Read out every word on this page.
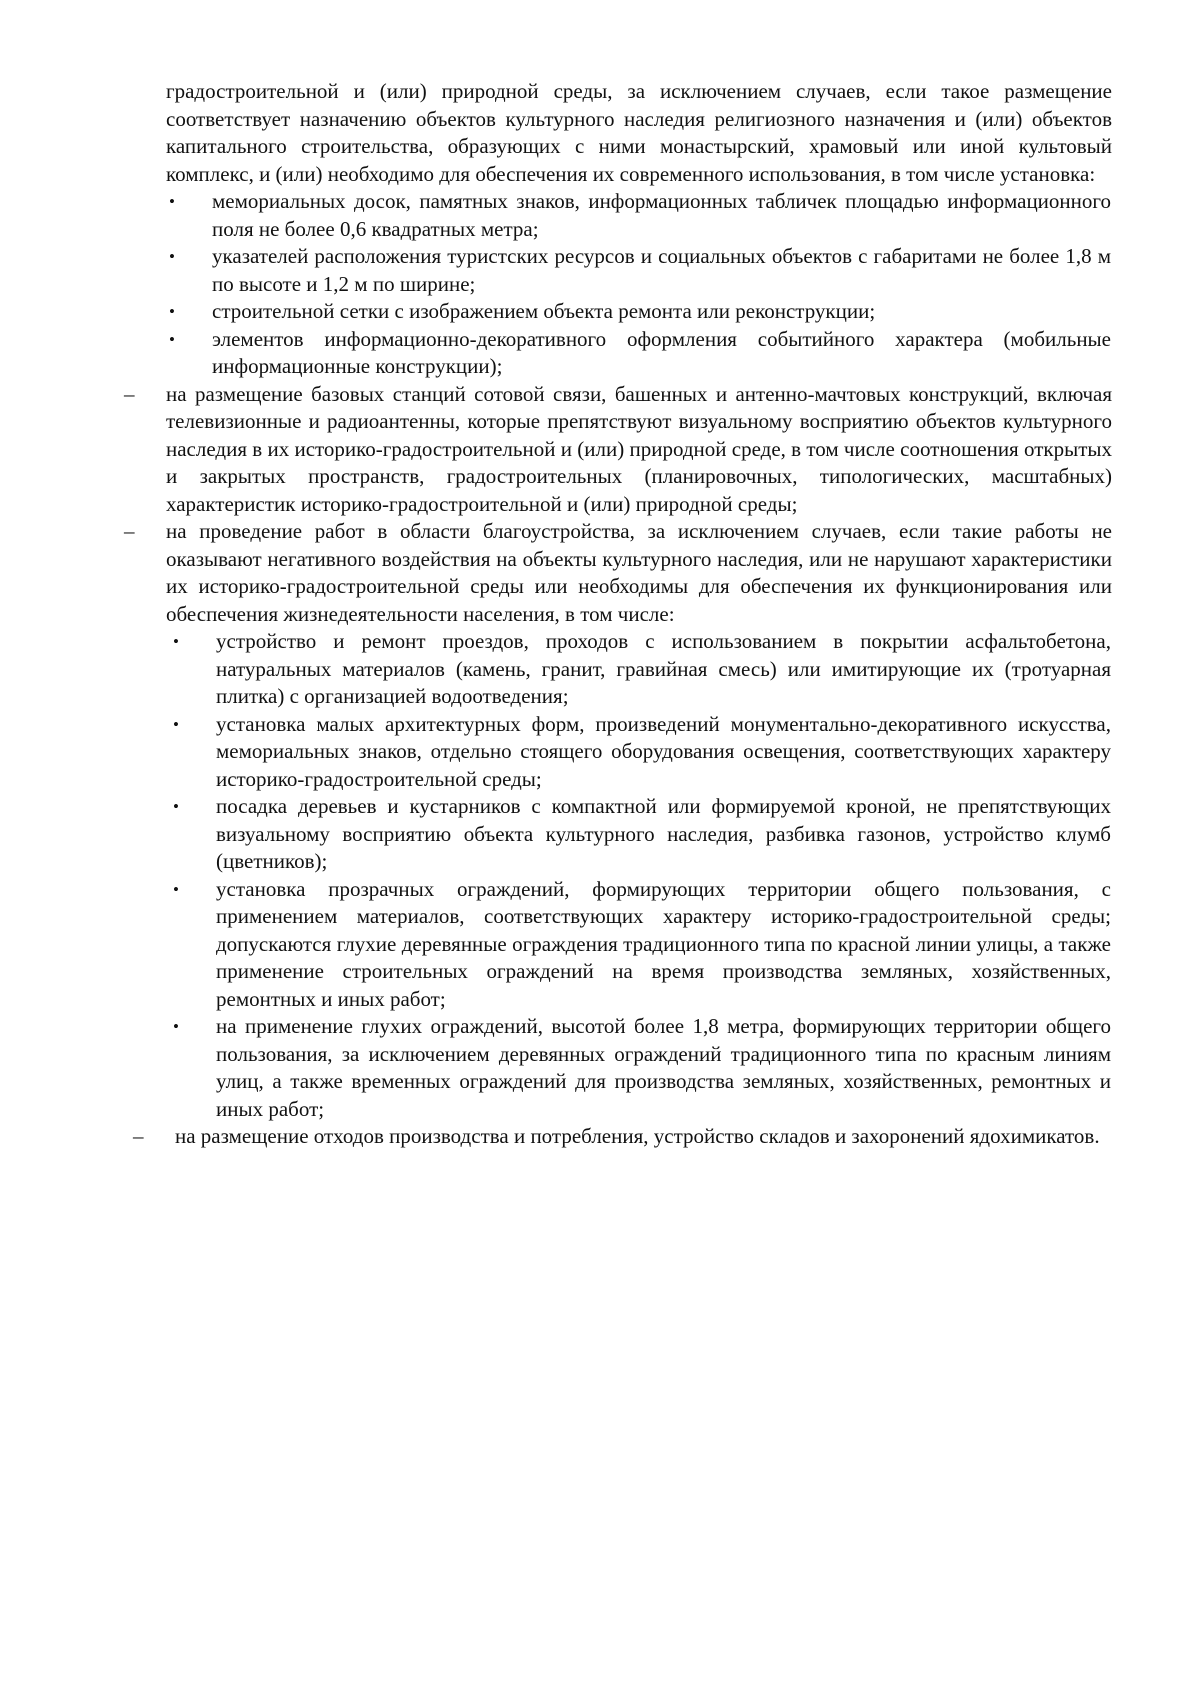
градостроительной и (или) природной среды, за исключением случаев, если такое размещение соответствует назначению объектов культурного наследия религиозного назначения и (или) объектов капитального строительства, образующих с ними монастырский, храмовый или иной культовый комплекс, и (или) необходимо для обеспечения их современного использования, в том числе установка:

•	мемориальных досок, памятных знаков, информационных табличек площадью информационного поля не более 0,6 квадратных метра;
•	указателей расположения туристских ресурсов и социальных объектов с габаритами не более 1,8 м по высоте и 1,2 м по ширине;
•	строительной сетки с изображением объекта ремонта или реконструкции;
•	элементов информационно-декоративного оформления событийного характера (мобильные информационные конструкции);
–	на размещение базовых станций сотовой связи, башенных и антенно-мачтовых конструкций, включая телевизионные и радиоантенны, которые препятствуют визуальному восприятию объектов культурного наследия в их историко-градостроительной и (или) природной среде, в том числе соотношения открытых и закрытых пространств, градостроительных (планировочных, типологических, масштабных) характеристик историко-градостроительной и (или) природной среды;
–	на проведение работ в области благоустройства, за исключением случаев, если такие работы не оказывают негативного воздействия на объекты культурного наследия, или не нарушают характеристики их историко-градостроительной среды или необходимы для обеспечения их функционирования или обеспечения жизнедеятельности населения, в том числе:
•	устройство и ремонт проездов, проходов с использованием в покрытии асфальтобетона, натуральных материалов (камень, гранит, гравийная смесь) или имитирующие их (тротуарная плитка) с организацией водоотведения;
•	установка малых архитектурных форм, произведений монументально-декоративного искусства, мемориальных знаков, отдельно стоящего оборудования освещения, соответствующих характеру историко-градостроительной среды;
•	посадка деревьев и кустарников с компактной или формируемой кроной, не препятствующих визуальному восприятию объекта культурного наследия, разбивка газонов, устройство клумб (цветников);
•	установка прозрачных ограждений, формирующих территории общего пользования, с применением материалов, соответствующих характеру историко-градостроительной среды; допускаются глухие деревянные ограждения традиционного типа по красной линии улицы, а также применение строительных ограждений на время производства земляных, хозяйственных, ремонтных и иных работ;
•	на применение глухих ограждений, высотой более 1,8 метра, формирующих территории общего пользования, за исключением деревянных ограждений традиционного типа по красным линиям улиц, а также временных ограждений для производства земляных, хозяйственных, ремонтных и иных работ;
–	на размещение отходов производства и потребления, устройство складов и захоронений ядохимикатов.
